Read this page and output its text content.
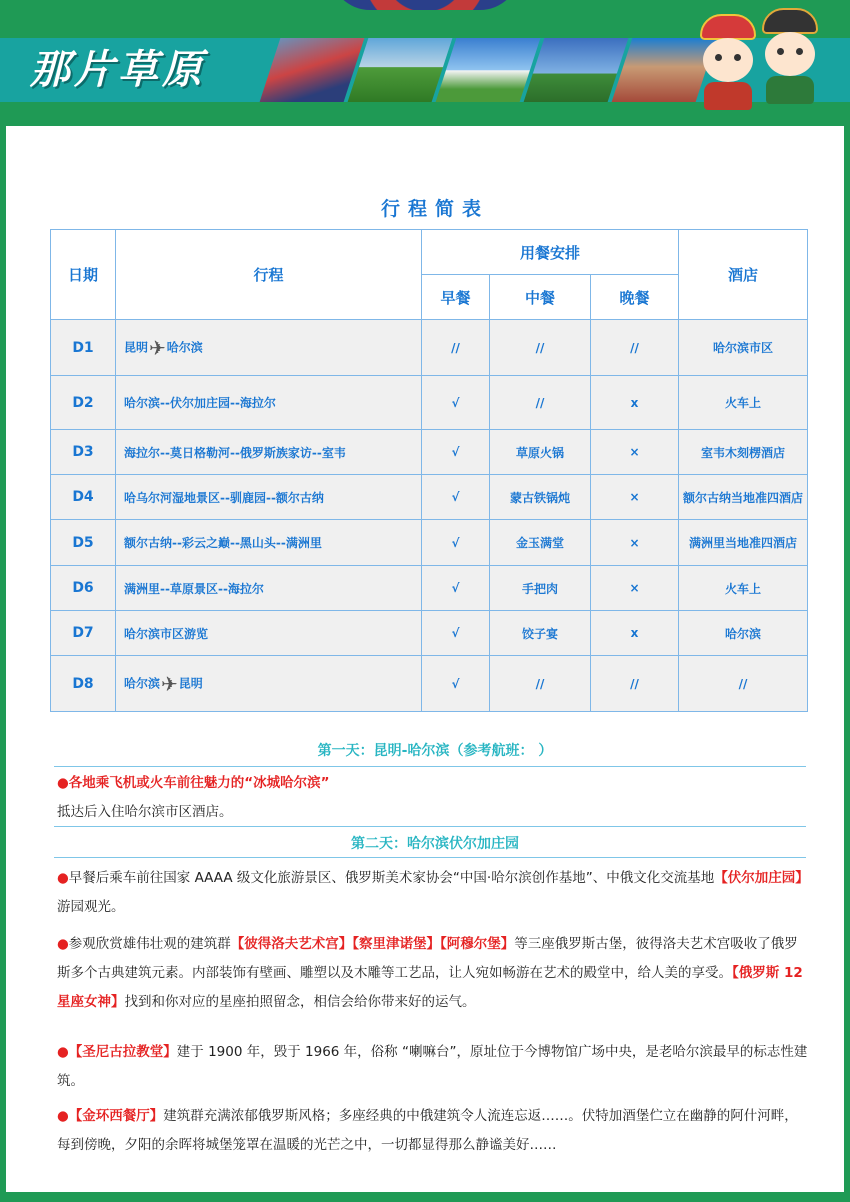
那片草原
行程简表
日期	行程	用餐安排			酒店
		早餐	中餐	晚餐	
D1	昆明✈哈尔滨	//	//	//	哈尔滨市区
D2	哈尔滨--伏尔加庄园--海拉尔	√	//	x	火车上
D3	海拉尔--莫日格勒河--俄罗斯族家访--室韦	√	草原火锅	×	室韦木刻楞酒店
D4	哈乌尔河湿地景区--驯鹿园--额尔古纳	√	蒙古铁锅炖	×	额尔古纳当地准四酒店
D5	额尔古纳--彩云之巅--黑山头--满洲里	√	金玉满堂	×	满洲里当地准四酒店
D6	满洲里--草原景区--海拉尔	√	手把肉	×	火车上
D7	哈尔滨市区游览	√	饺子宴	x	哈尔滨
D8	哈尔滨✈昆明	√	//	//	//
第一天：昆明-哈尔滨（参考航班： ）
●各地乘飞机或火车前往魅力的“冰城哈尔滨”
抵达后入住哈尔滨市区酒店。
第二天：哈尔滨伏尔加庄园
●早餐后乘车前往国家 AAAA 级文化旅游景区、俄罗斯美术家协会“中国·哈尔滨创作基地”、中俄文化交流基地【伏尔加庄园】游园观光。
●参观欣赏雄伟壮观的建筑群【彼得洛夫艺术宫】【察里津诺堡】【阿穆尔堡】等三座俄罗斯古堡，彼得洛夫艺术宫吸收了俄罗斯多个古典建筑元素。内部装饰有壁画、雕塑以及木雕等工艺品，让人宛如畅游在艺术的殿堂中，给人美的享受。【俄罗斯 12 星座女神】找到和你对应的星座拍照留念，相信会给你带来好的运气。
●【圣尼古拉教堂】建于 1900 年，毁于 1966 年，俗称 “喇嘛台”，原址位于今博物馆广场中央，是老哈尔滨最早的标志性建筑。
●【金环西餐厅】建筑群充满浓郁俄罗斯风格；多座经典的中俄建筑令人流连忘返……。伏特加酒堡伫立在幽静的阿什河畔，每到傍晚，夕阳的余晖将城堡笼罩在温暖的光芒之中，一切都显得那么静谧美好……
